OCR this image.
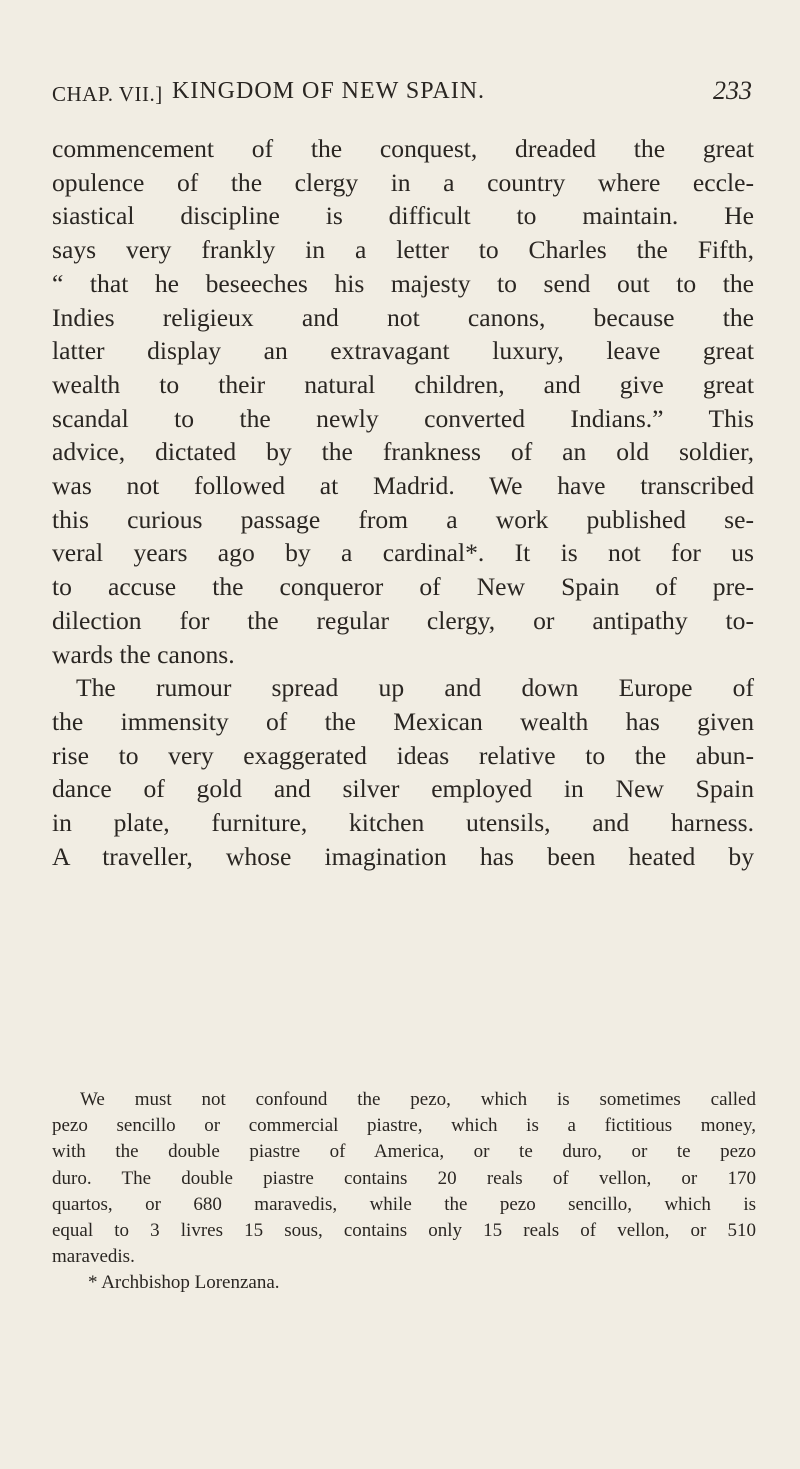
CHAP. VII.] KINGDOM OF NEW SPAIN.	233
commencement of the conquest, dreaded the great
opulence of the clergy in a country where eccle-
siastical discipline is difficult to maintain. He
says very frankly in a letter to Charles the Fifth,
“ that he beseeches his majesty to send out to the
Indies religieux and not canons, because the
latter display an extravagant luxury, leave great
wealth to their natural children, and give great
scandal to the newly converted Indians.” This
advice, dictated by the frankness of an old soldier,
was not followed at Madrid. We have transcribed
this curious passage from a work published se-
veral years ago by a cardinal*. It is not for us
to accuse the conqueror of New Spain of pre-
dilection for the regular clergy, or antipathy to-
wards the canons.
The rumour spread up and down Europe of
the immensity of the Mexican wealth has given
rise to very exaggerated ideas relative to the abun-
dance of gold and silver employed in New Spain
in plate, furniture, kitchen utensils, and harness.
A traveller, whose imagination has been heated by
We must not confound the pezo, which is sometimes called
pezo sencillo or commercial piastre, which is a fictitious money,
with the double piastre of America, or te duro, or te pezo
duro. The double piastre contains 20 reals of vellon, or 170
quartos, or 680 maravedis, while the pezo sencillo, which is
equal to 3 livres 15 sous, contains only 15 reals of vellon, or 510
maravedis.
* Archbishop Lorenzana.
